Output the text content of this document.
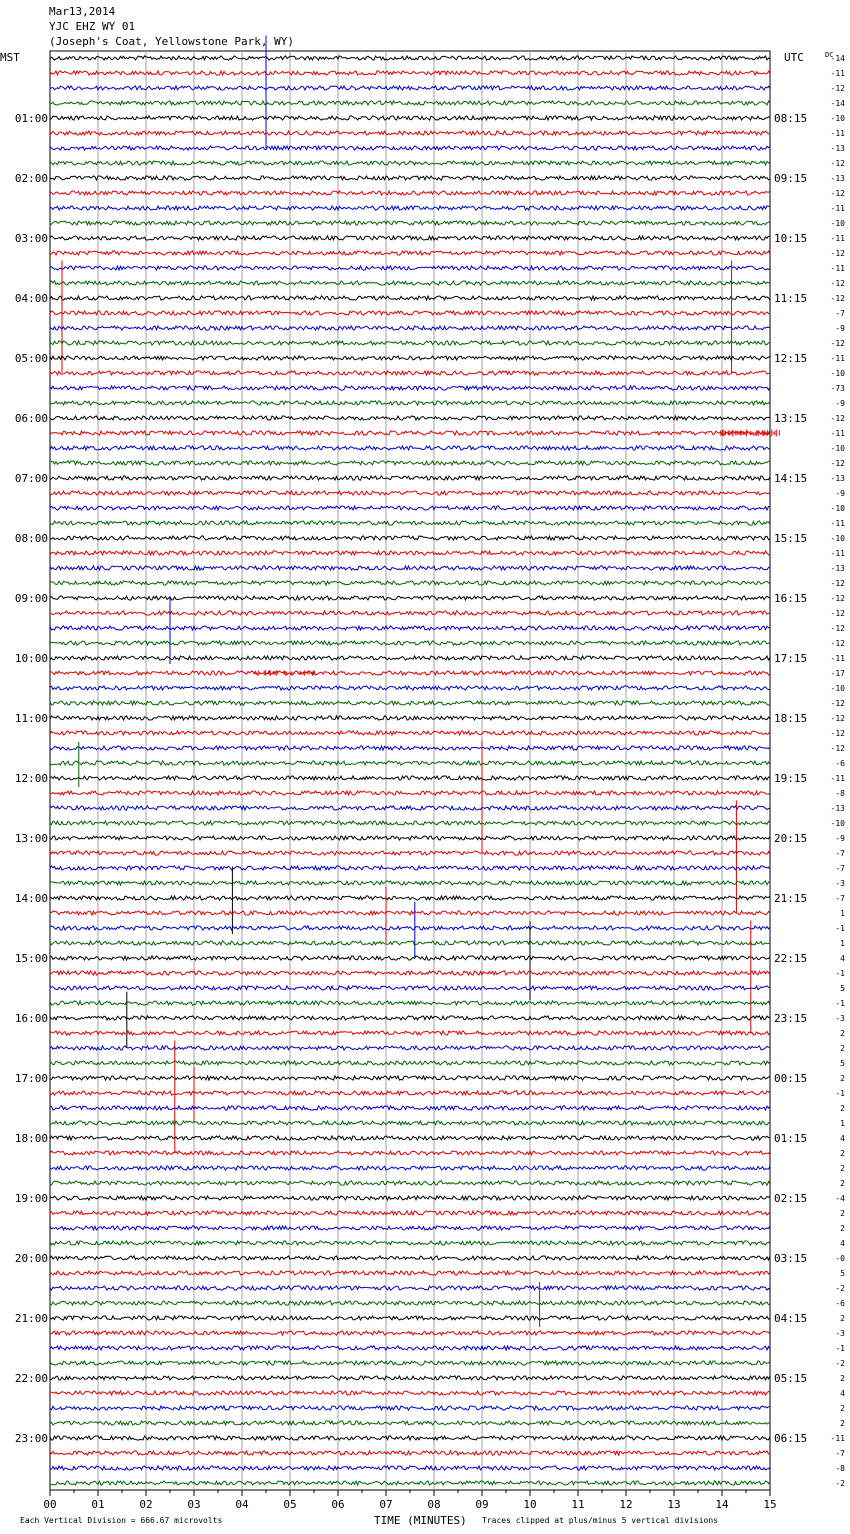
Mar13,2014
YJC EHZ WY 01
(Joseph's Coat, Yellowstone Park, WY)
-14
-11
-12
-14
-10
-11
-13
-12
-13
-12
-11
-10
-11
-12
-11
-12
-12
-7
-9
-12
-11
-10
-73
-9
-12
-11
-10
-12
-13
-9
-10
-11
-10
-11
-13
-12
-12
-12
-12
-12
-11
-17
-10
-12
-12
-12
-12
-6
-11
-8
-13
-10
-9
-7
-7
-3
-7
1
-1
1
4
-1
5
-1
-3
2
2
5
2
-1
2
1
4
2
2
2
-4
2
2
4
-0
5
-2
-6
2
-3
-1
-2
2
4
2
2
-11
-7
-8
-2
MST	UTC	DC
01:00
02:00
03:00
04:00
05:00
06:00
07:00
08:00
09:00
10:00
11:00
12:00
13:00
14:00
15:00
16:00
17:00
18:00
19:00
20:00
21:00
22:00
23:00
08:15
09:15
10:15
11:15
12:15
13:15
14:15
15:15
16:15
17:15
18:15
19:15
20:15
21:15
22:15
23:15
00:15
01:15
02:15
03:15
04:15
05:15
06:15
00	01	02	03	04	05	06	07	08	09	10	11	12	13	14	15
Each Vertical Division = 666.67 microvolts	TIME (MINUTES) Traces clipped at plus/minus 5 vertical divisions
